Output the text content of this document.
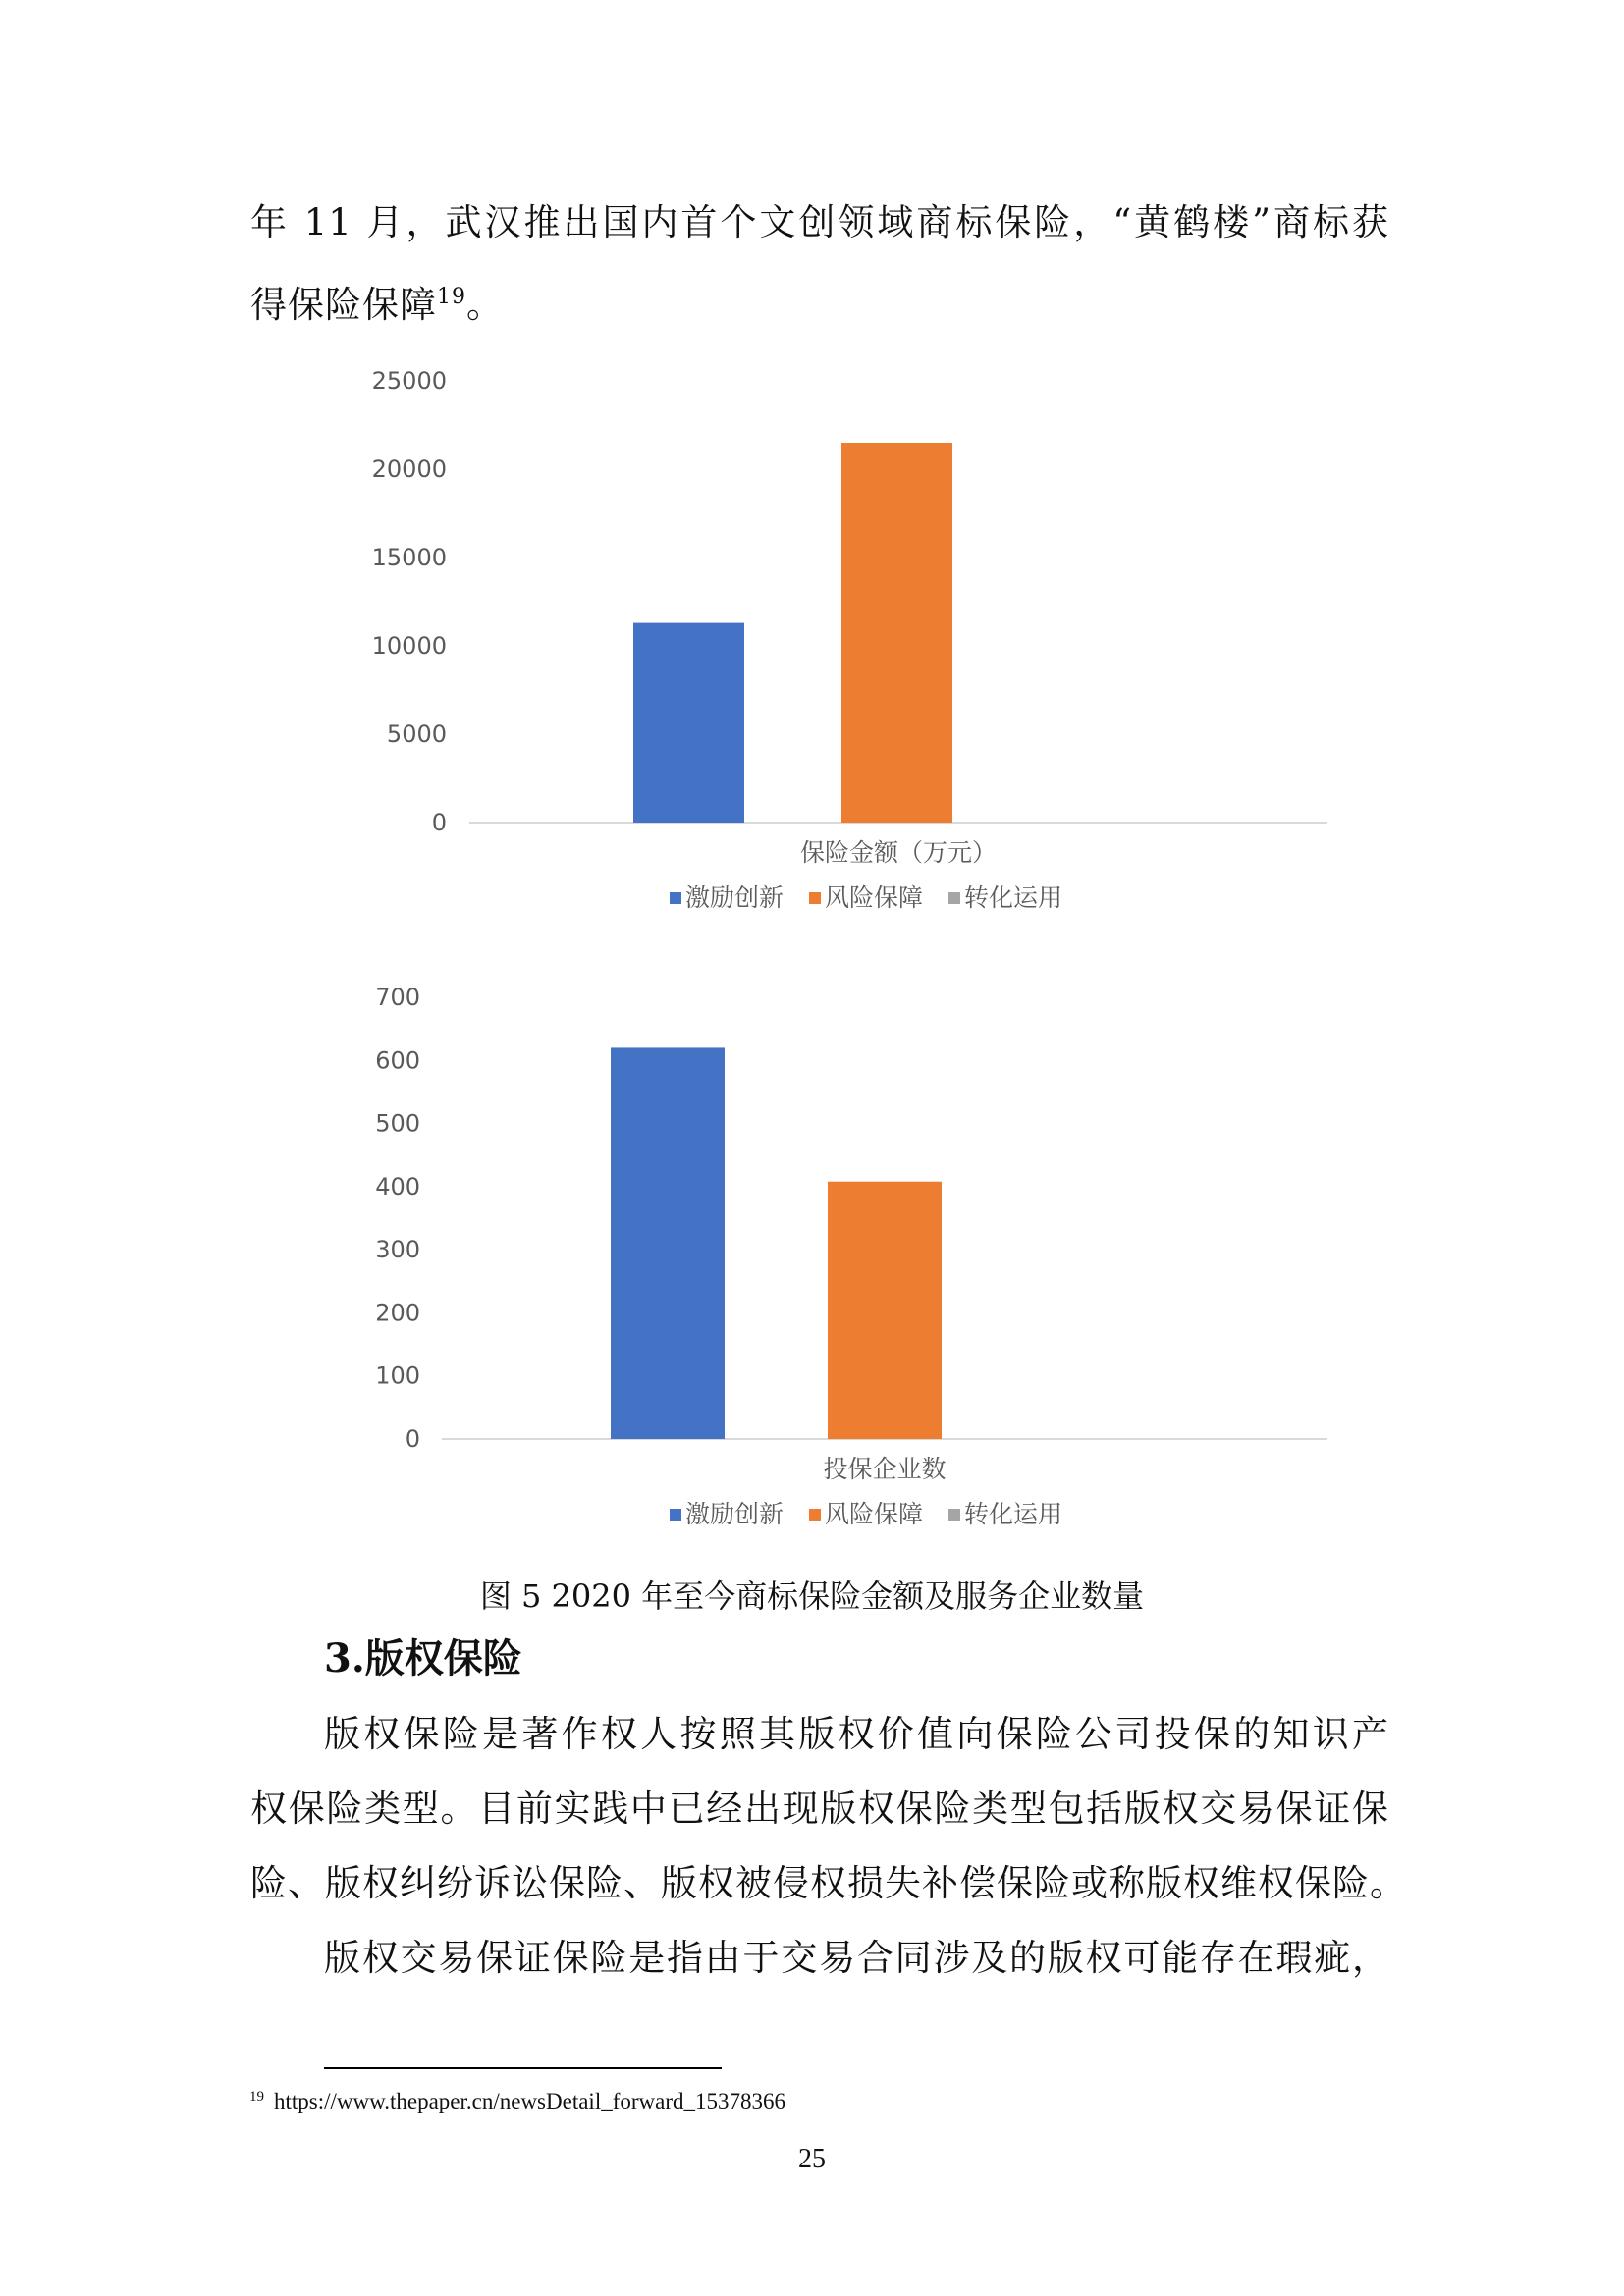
年 11 月，武汉推出国内首个文创领域商标保险，“黄鹤楼”商标获
得保险保障$^{19}$。
0
5000
10000
15000
20000
25000
保险金额（万元）
激励创新 风险保障 转化运用
0
100
200
300
400
500
600
700
投保企业数
激励创新 风险保障 转化运用
图 5 2020 年至今商标保险金额及服务企业数量
3.版权保险
版权保险是著作权人按照其版权价值向保险公司投保的知识产
权保险类型。目前实践中已经出现版权保险类型包括版权交易保证保
险、版权纠纷诉讼保险、版权被侵权损失补偿保险或称版权维权保险。
版权交易保证保险是指由于交易合同涉及的版权可能存在瑕疵，
$^{19}$ https://www.thepaper.cn/newsDetail_forward_15378366
25
